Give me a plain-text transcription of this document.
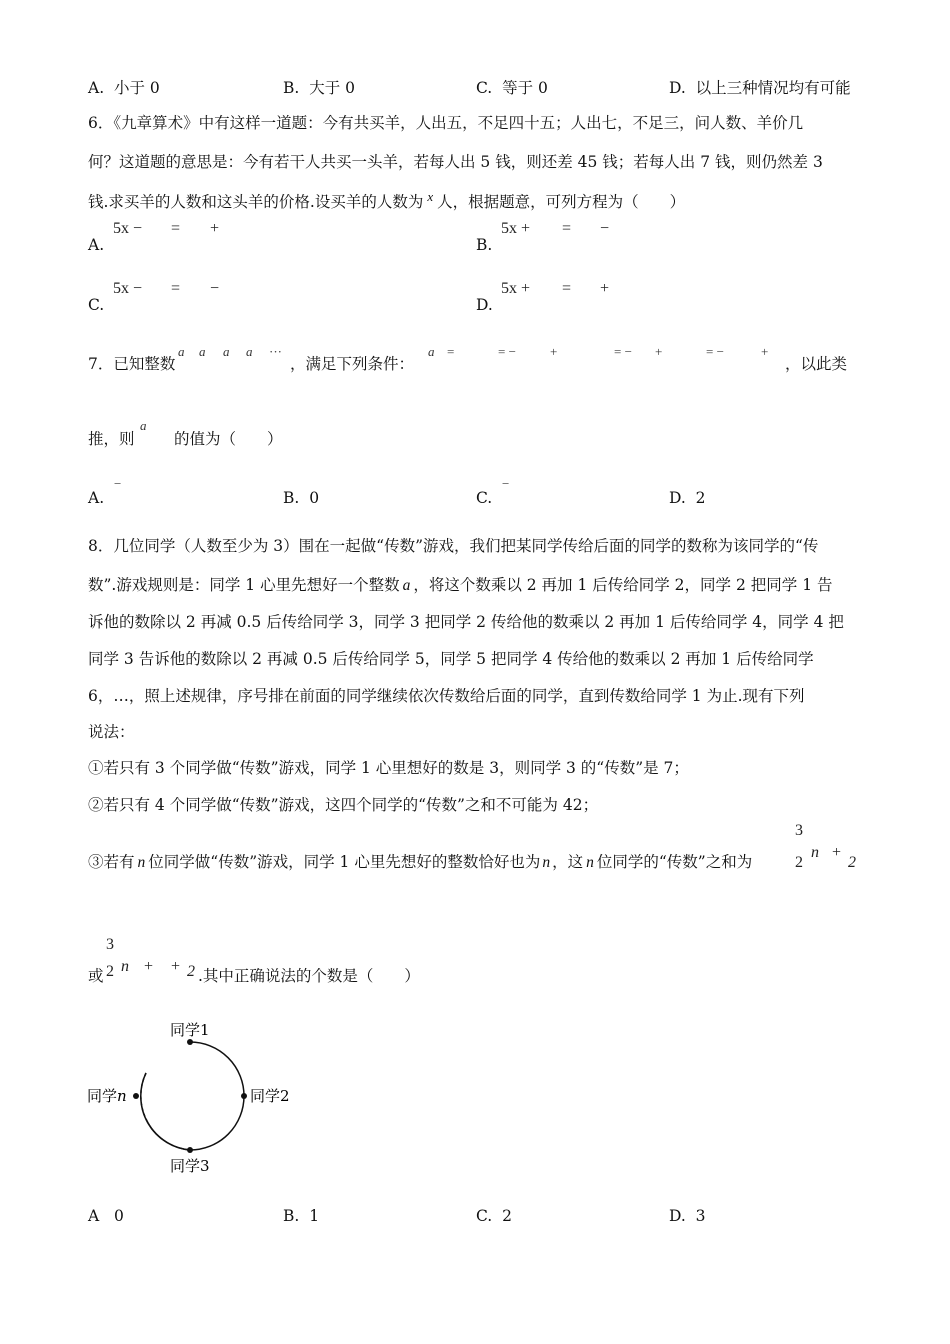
A. 小于 0	B. 大于 0	C. 等于 0	D. 以上三种情况均有可能
6．《九章算术》中有这样一道题：今有共买羊，人出五，不足四十五；人出七，不足三，问人数、羊价几
何？这道题的意思是：今有若干人共买一头羊，若每人出 5 钱，则还差 45 钱；若每人出 7 钱，则仍然差 3
钱.求买羊的人数和这头羊的价格.设买羊的人数为 $^x$ 人，根据题意，可列方程为（　　）
A.
5x − = +
B.
5x + = −
C.
5x − = −
D.
5x + = +
7．已知整数
a a a a ···
，满足下列条件：
a =	= −	+	= − +	= −	+
，以此类
推，则
a
的值为（　　）
A.
−
B. 0	C.
−
D. 2
8．几位同学（人数至少为 3）围在一起做“传数”游戏，我们把某同学传给后面的同学的数称为该同学的“传
数”.游戏规则是：同学 1 心里先想好一个整数 a ，将这个数乘以 2 再加 1 后传给同学 2，同学 2 把同学 1 告
诉他的数除以 2 再减 0.5 后传给同学 3，同学 3 把同学 2 传给他的数乘以 2 再加 1 后传给同学 4，同学 4 把
同学 3 告诉他的数除以 2 再减 0.5 后传给同学 5，同学 5 把同学 4 传给他的数乘以 2 再加 1 后传给同学
6，…，照上述规律，序号排在前面的同学继续依次传数给后面的同学，直到传数给同学 1 为止.现有下列
说法：
①若只有 3 个同学做“传数”游戏，同学 1 心里想好的数是 3，则同学 3 的“传数”是 7；
②若只有 4 个同学做“传数”游戏，这四个同学的“传数”之和不可能为 42；
③若有 n 位同学做“传数”游戏，同学 1 心里先想好的整数恰好也为 n ，这 n 位同学的“传数”之和为
3
2
n +
2
或
3
2 n + + 2 .其中正确说法的个数是（　　）
同学1
同学2
同学3
同学n
A 0	B. 1	C. 2	D. 3
